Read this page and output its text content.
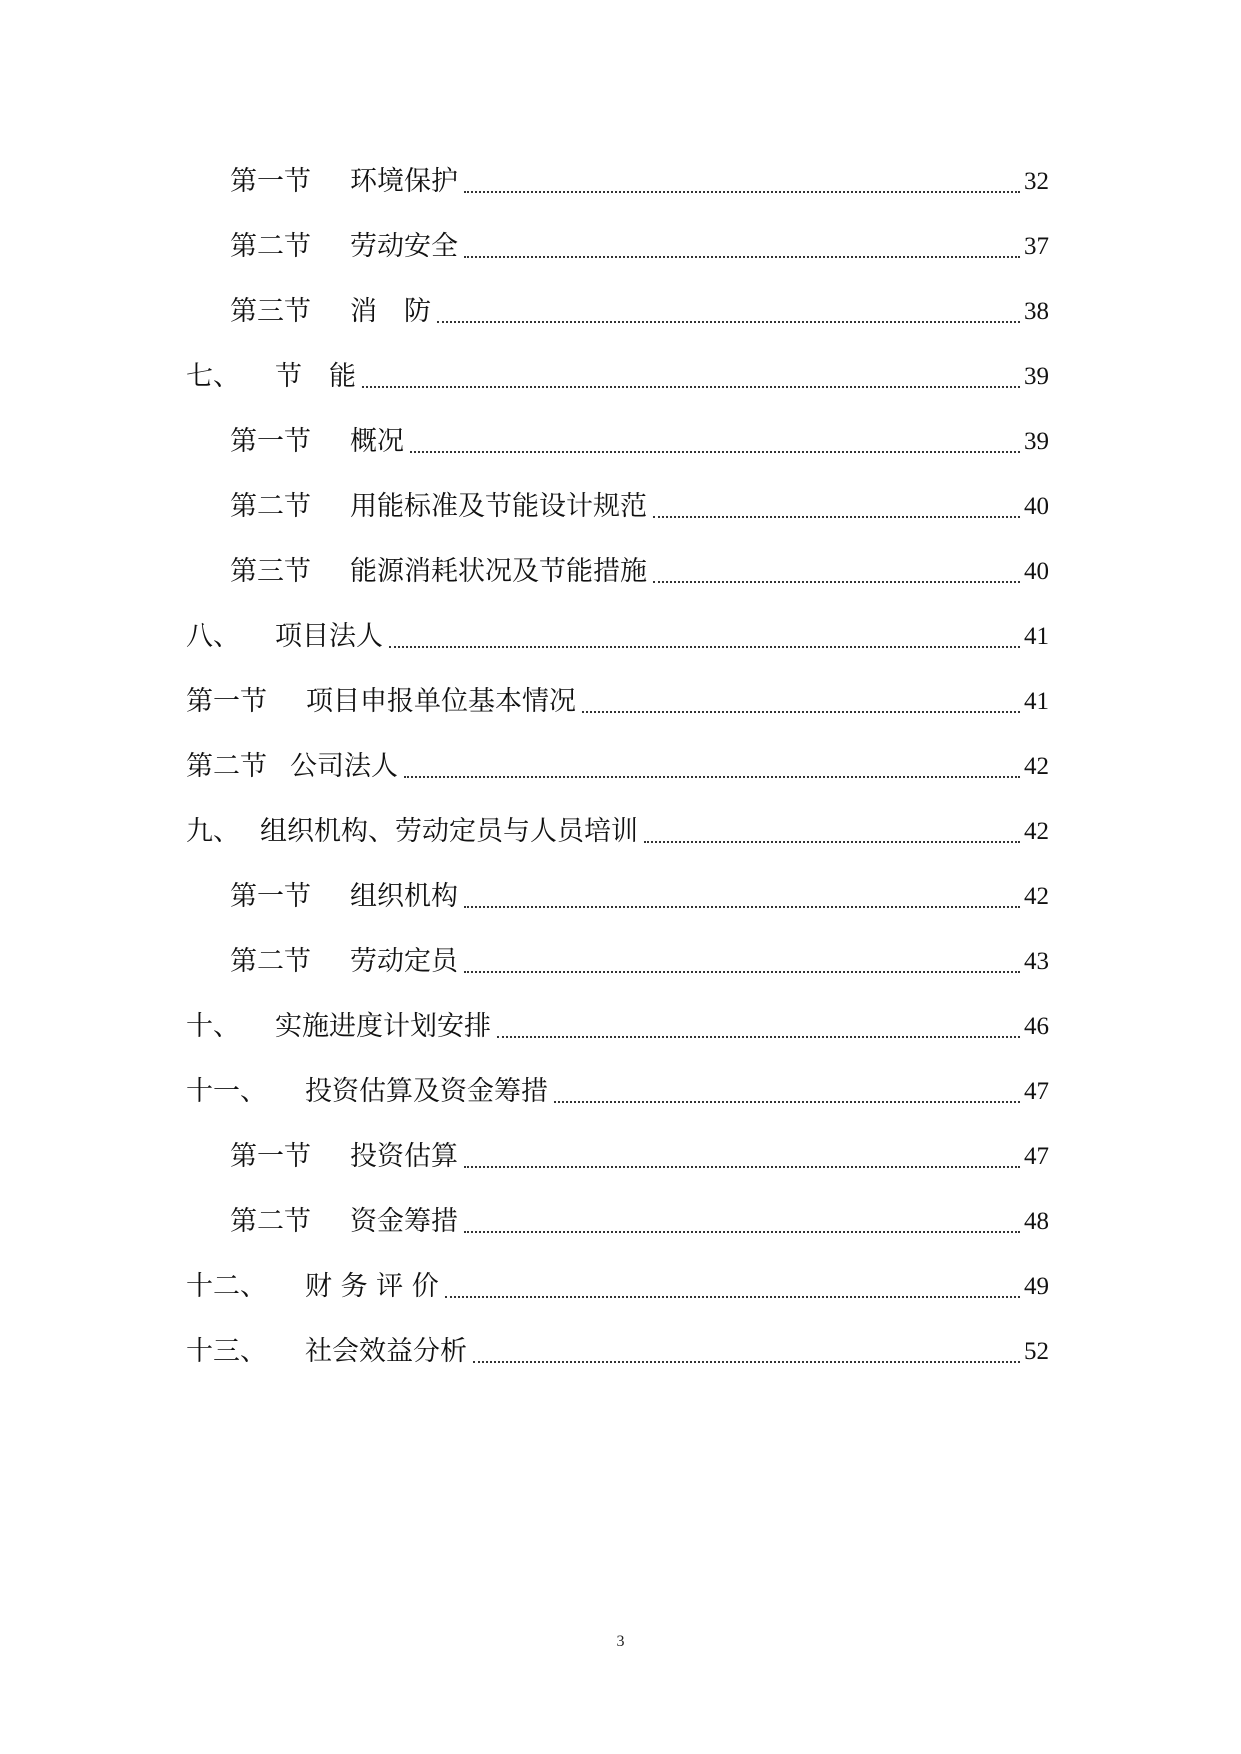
第一节 环境保护	32
第二节 劳动安全	37
第三节 消　防	38
七、 节　能	39
第一节 概况	39
第二节 用能标准及节能设计规范	40
第三节 能源消耗状况及节能措施	40
八、 项目法人	41
第一节 项目申报单位基本情况	41
第二节 公司法人	42
九、 组织机构、劳动定员与人员培训	42
第一节 组织机构	42
第二节 劳动定员	43
十、 实施进度计划安排	46
十一、 投资估算及资金筹措	47
第一节 投资估算	47
第二节 资金筹措	48
十二、 财 务 评 价	49
十三、 社会效益分析	52
3
